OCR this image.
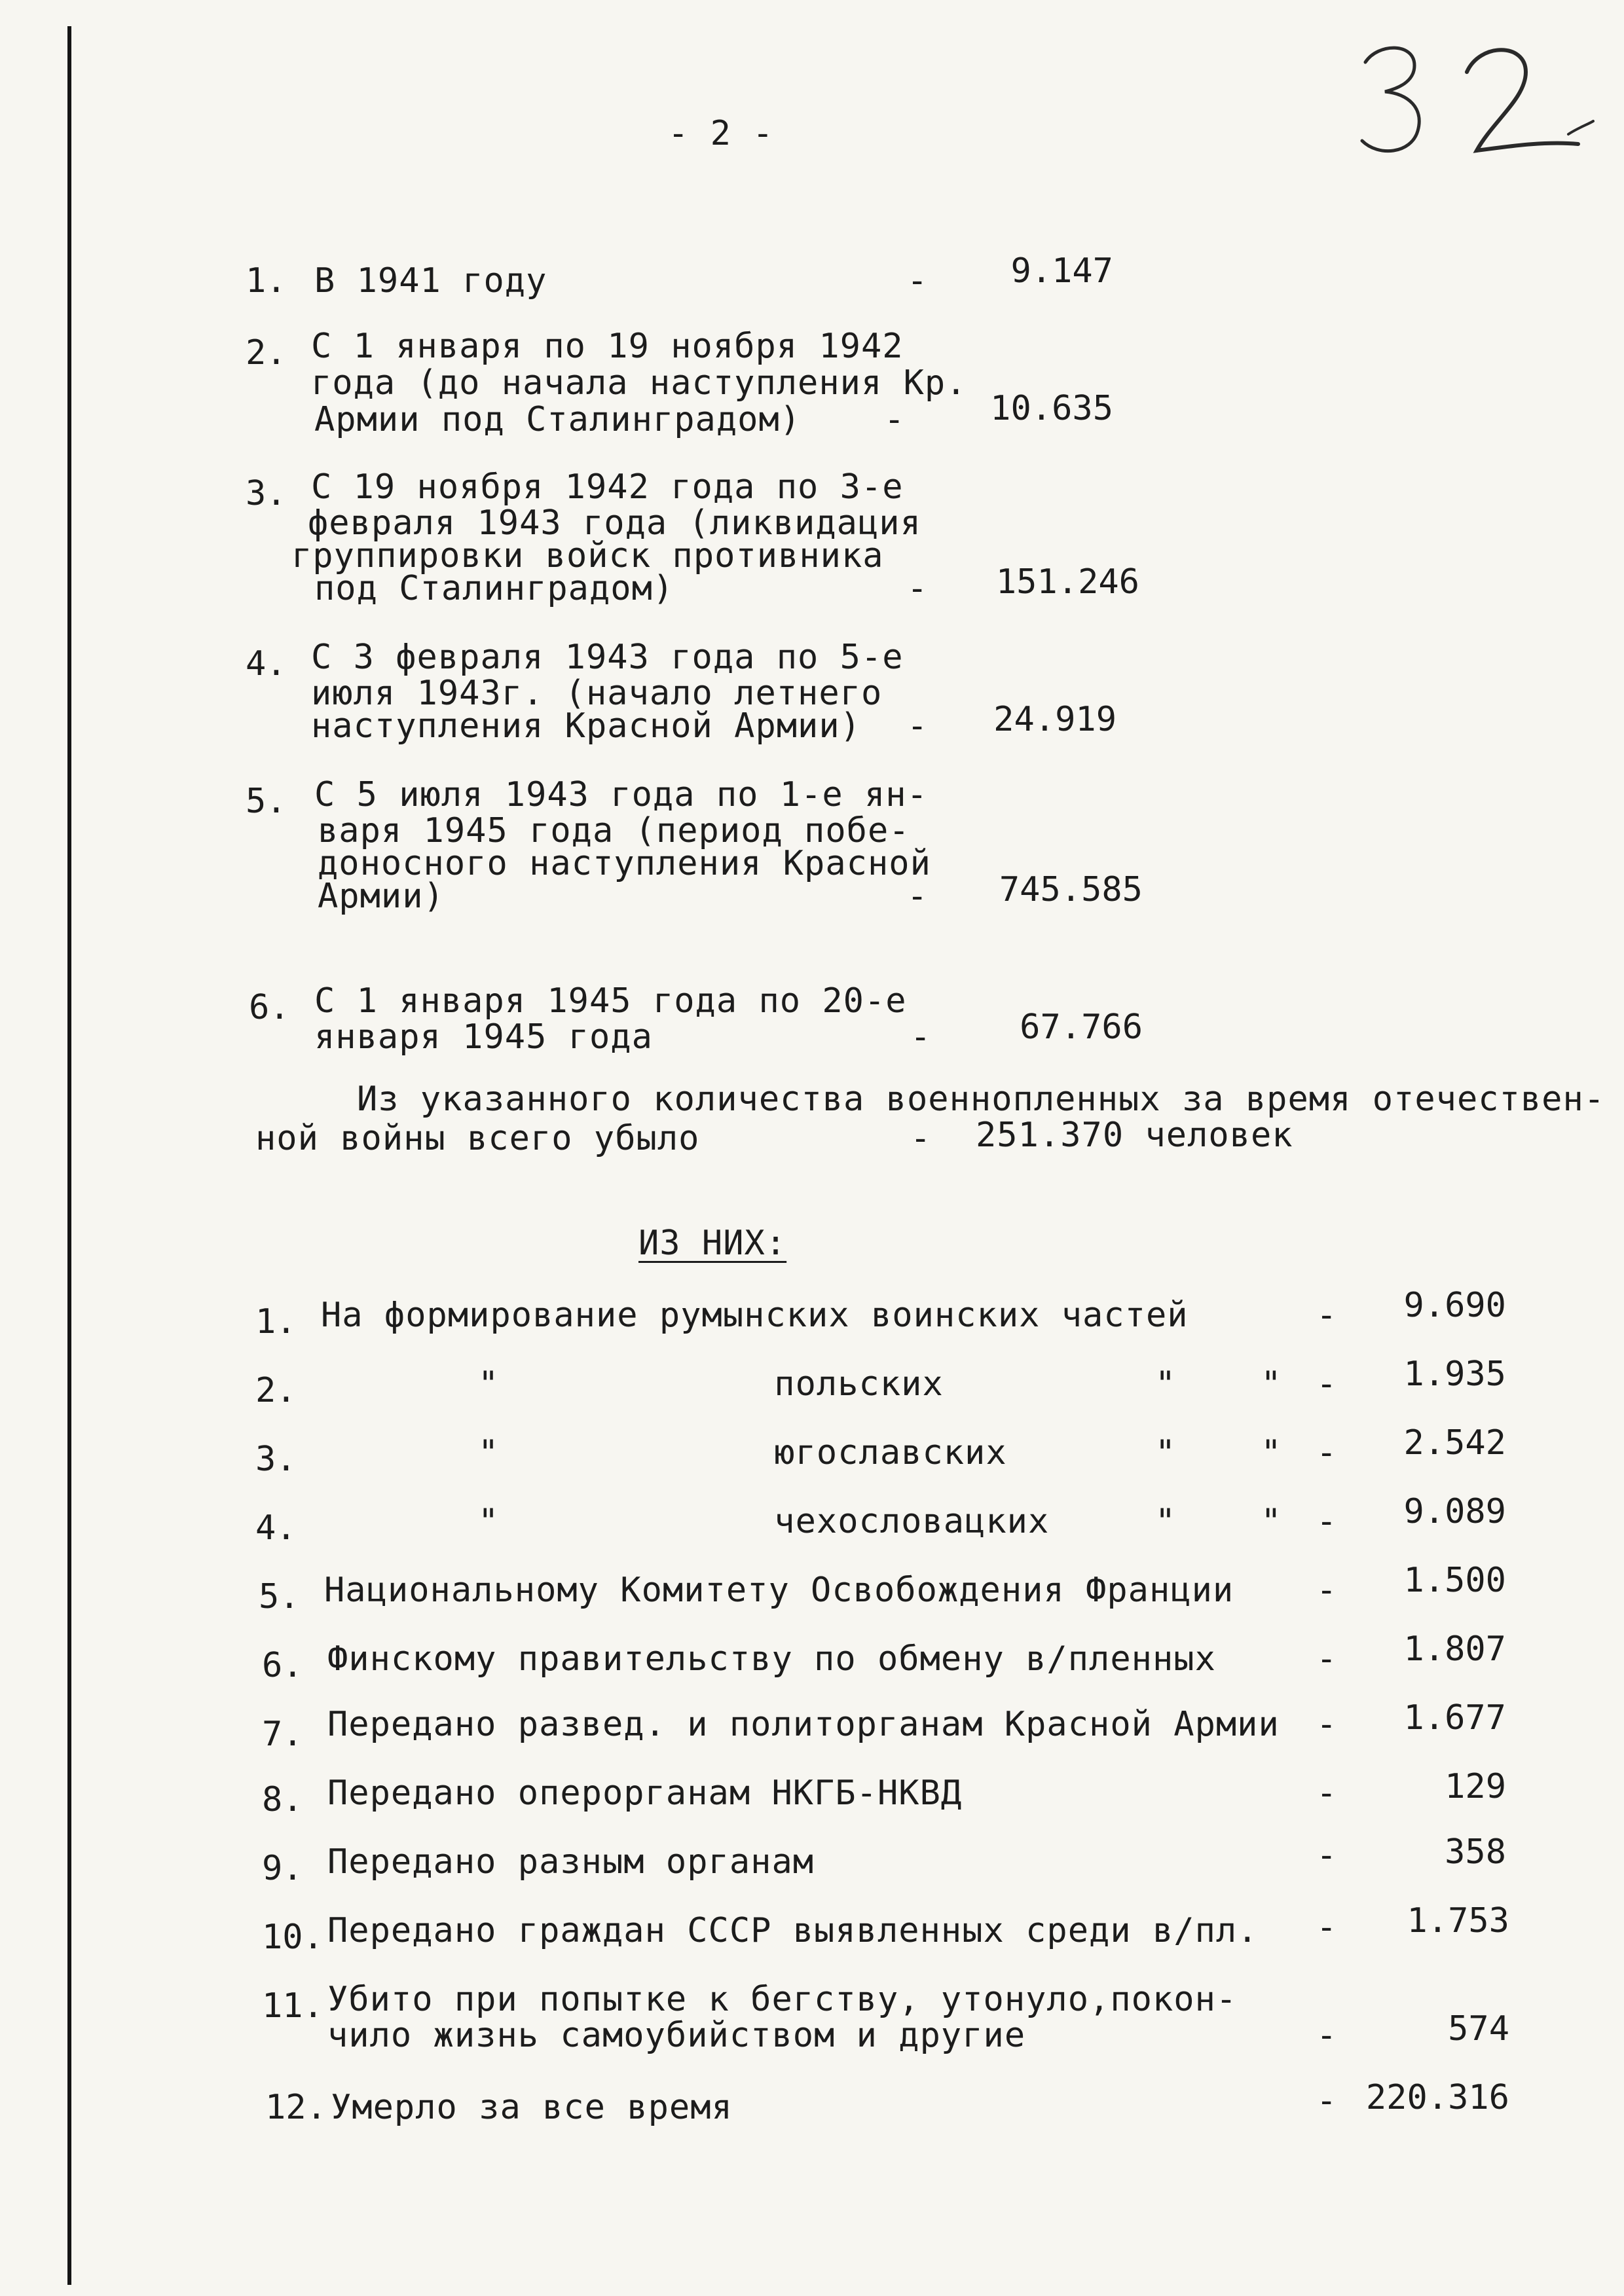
- 2 -
1. В 1941 году	-	9.147
2. С 1 января по 19 ноября 1942
года (до начала наступления Кр.
Армии под Сталинградом) -	10.635
3. С 19 ноября 1942 года по 3-е
февраля 1943 года (ликвидация
группировки войск противника
под Сталинградом)	-	151.246
4. С 3 февраля 1943 года по 5-е
июля 1943г. (начало летнего
наступления Красной Армии) -	24.919
5. С 5 июля 1943 года по 1-е ян-
варя 1945 года (период побе-
доносного наступления Красной
Армии)	-	745.585
6. С 1 января 1945 года по 20-е
января 1945 года	-	67.766
Из указанного количества военнопленных за время отечествен-
ной войны всего убыло	- 251.370 человек
ИЗ НИХ:
1. На формирование румынских воинских частей	-	9.690
2.	"             польских          "    " -	1.935
3.	"             югославских       "    " -	2.542
4.	"             чехословацких     "    " -	9.089
5. Национальному Комитету Освобождения Франции -	1.500
6. Финскому правительству по обмену в/пленных	-	1.807
7. Передано развед. и политорганам Красной Армии -	1.677
8. Передано оперорганам НКГБ-НКВД	-	129
9. Передано разным органам	-	358
10. Передано граждан СССР выявленных среди в/пл. -	1.753
11. Убито при попытке к бегству, утонуло,покон-
чило жизнь самоубийством и другие	-	574
12. Умерло за все время	- 220.316
